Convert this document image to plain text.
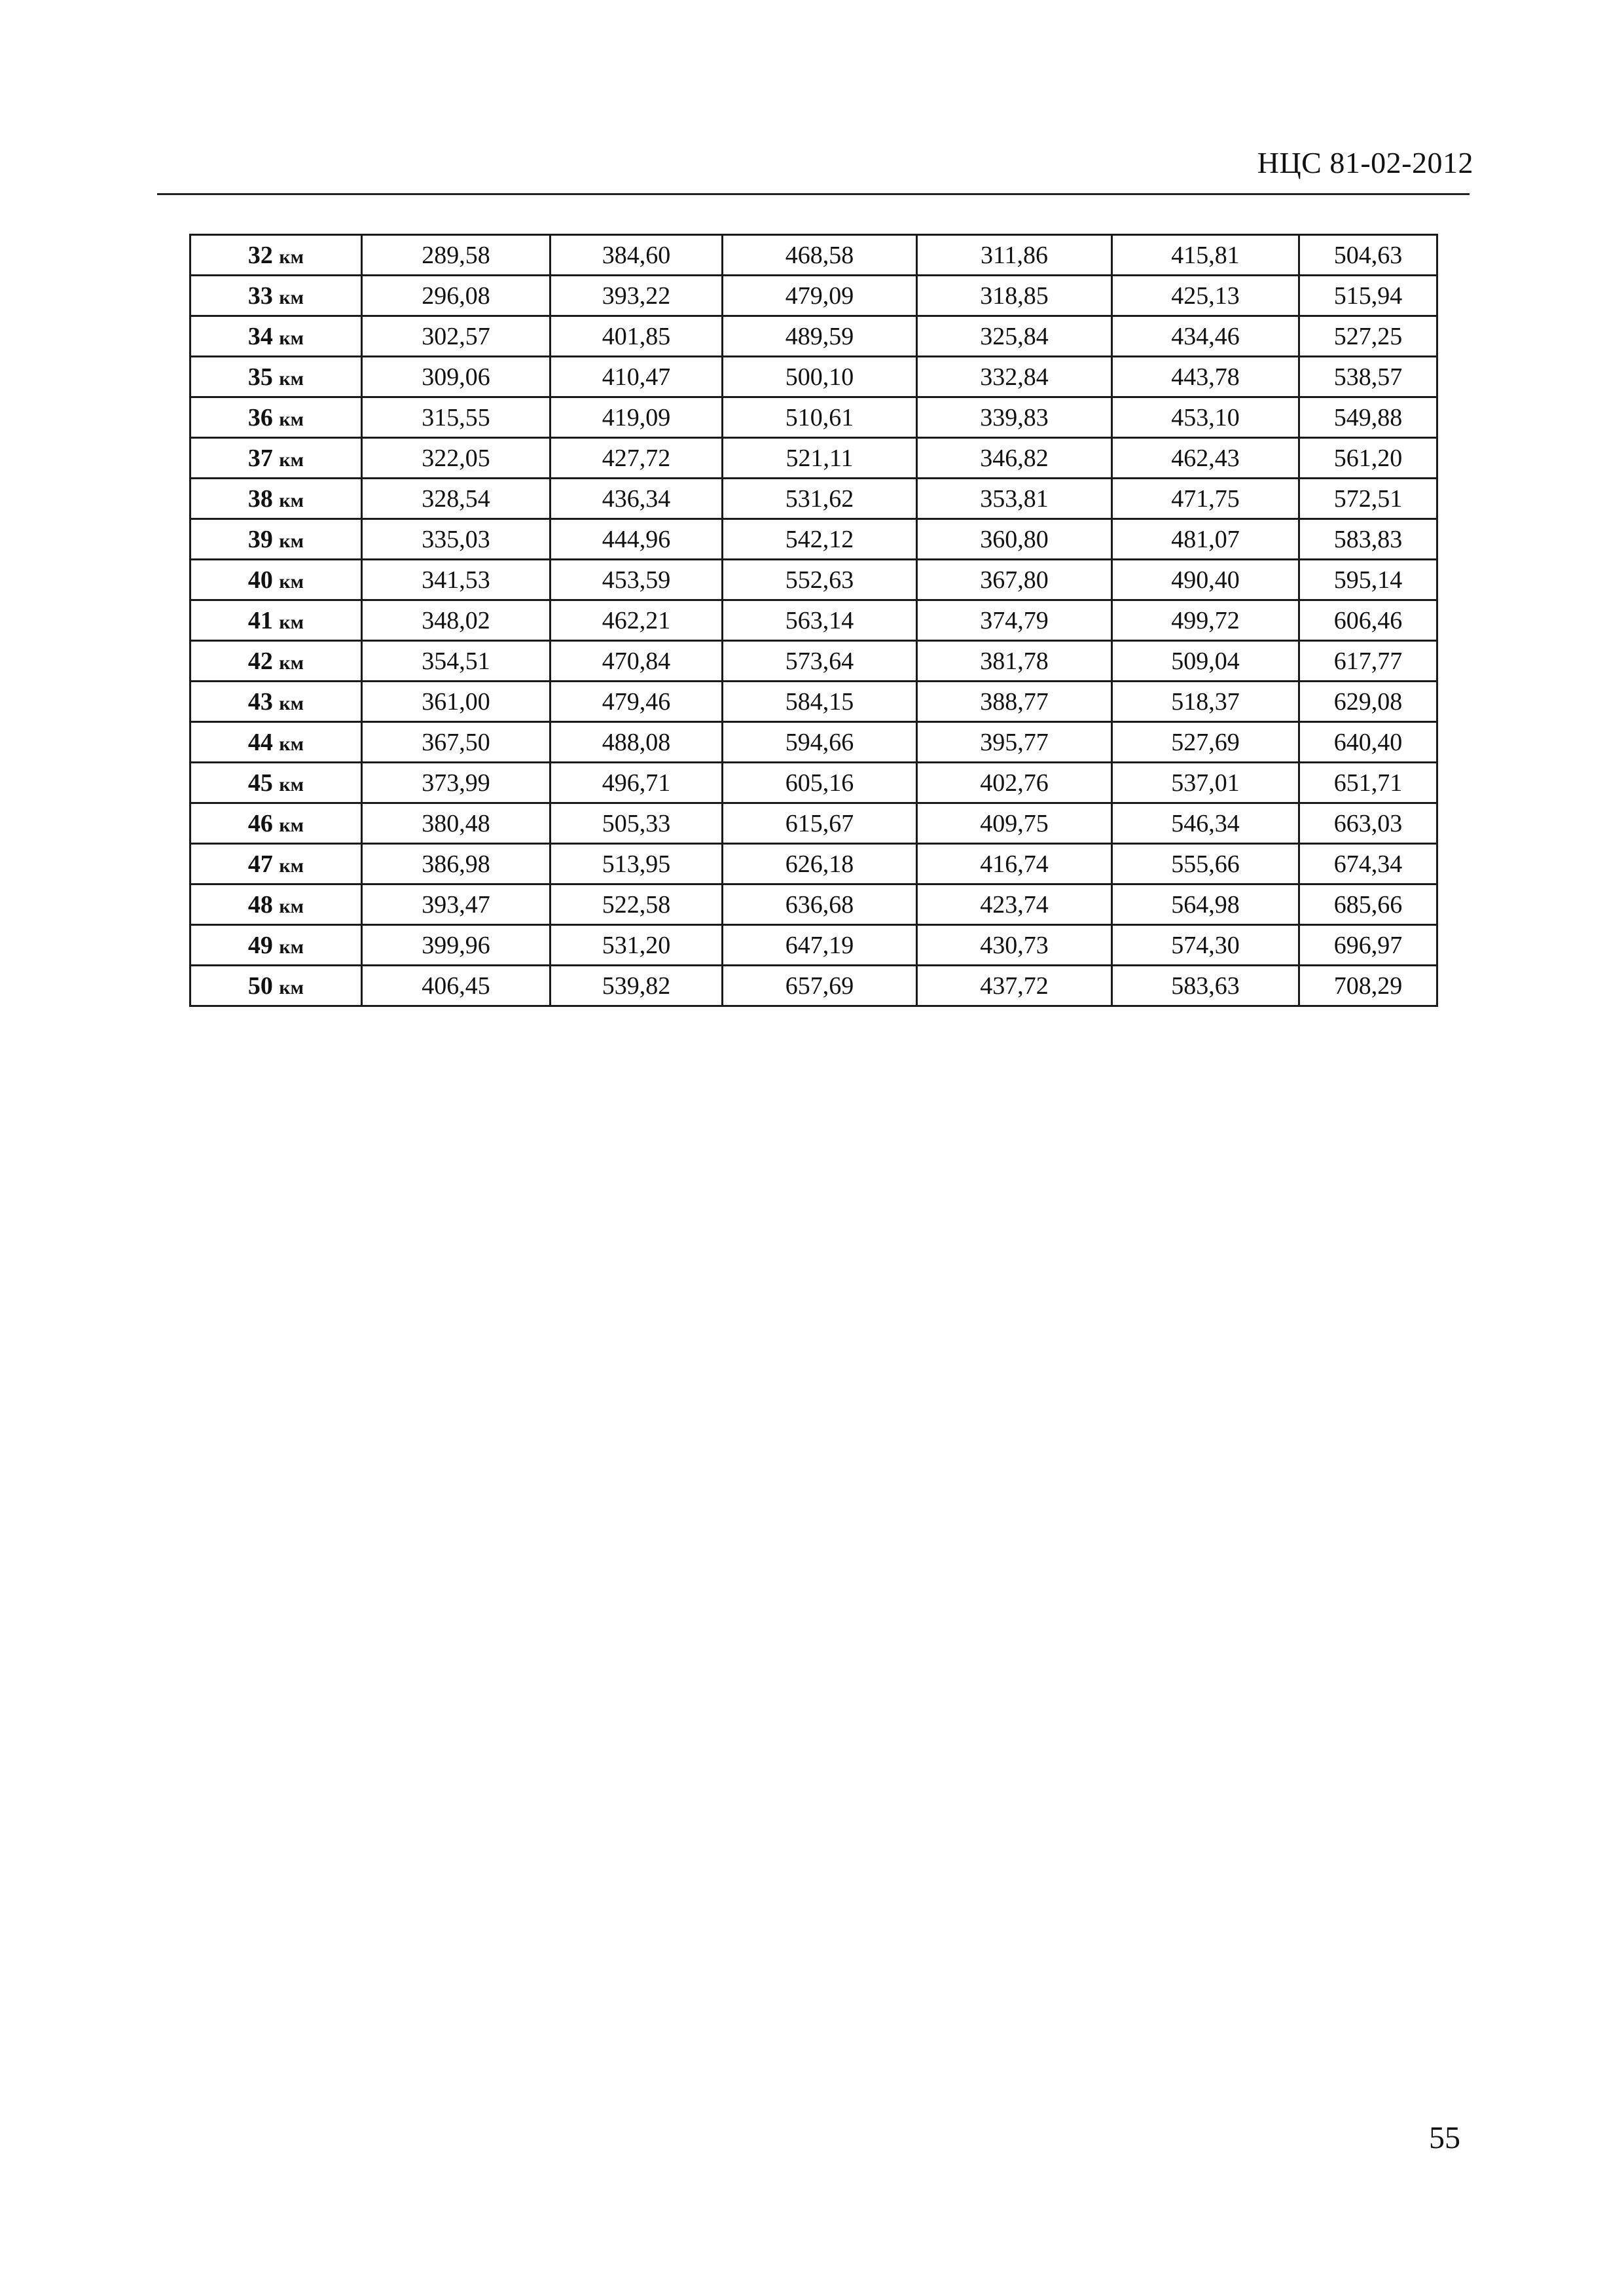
НЦС 81-02-2012
32 км	289,58	384,60	468,58	311,86	415,81	504,63
33 км	296,08	393,22	479,09	318,85	425,13	515,94
34 км	302,57	401,85	489,59	325,84	434,46	527,25
35 км	309,06	410,47	500,10	332,84	443,78	538,57
36 км	315,55	419,09	510,61	339,83	453,10	549,88
37 км	322,05	427,72	521,11	346,82	462,43	561,20
38 км	328,54	436,34	531,62	353,81	471,75	572,51
39 км	335,03	444,96	542,12	360,80	481,07	583,83
40 км	341,53	453,59	552,63	367,80	490,40	595,14
41 км	348,02	462,21	563,14	374,79	499,72	606,46
42 км	354,51	470,84	573,64	381,78	509,04	617,77
43 км	361,00	479,46	584,15	388,77	518,37	629,08
44 км	367,50	488,08	594,66	395,77	527,69	640,40
45 км	373,99	496,71	605,16	402,76	537,01	651,71
46 км	380,48	505,33	615,67	409,75	546,34	663,03
47 км	386,98	513,95	626,18	416,74	555,66	674,34
48 км	393,47	522,58	636,68	423,74	564,98	685,66
49 км	399,96	531,20	647,19	430,73	574,30	696,97
50 км	406,45	539,82	657,69	437,72	583,63	708,29
55
